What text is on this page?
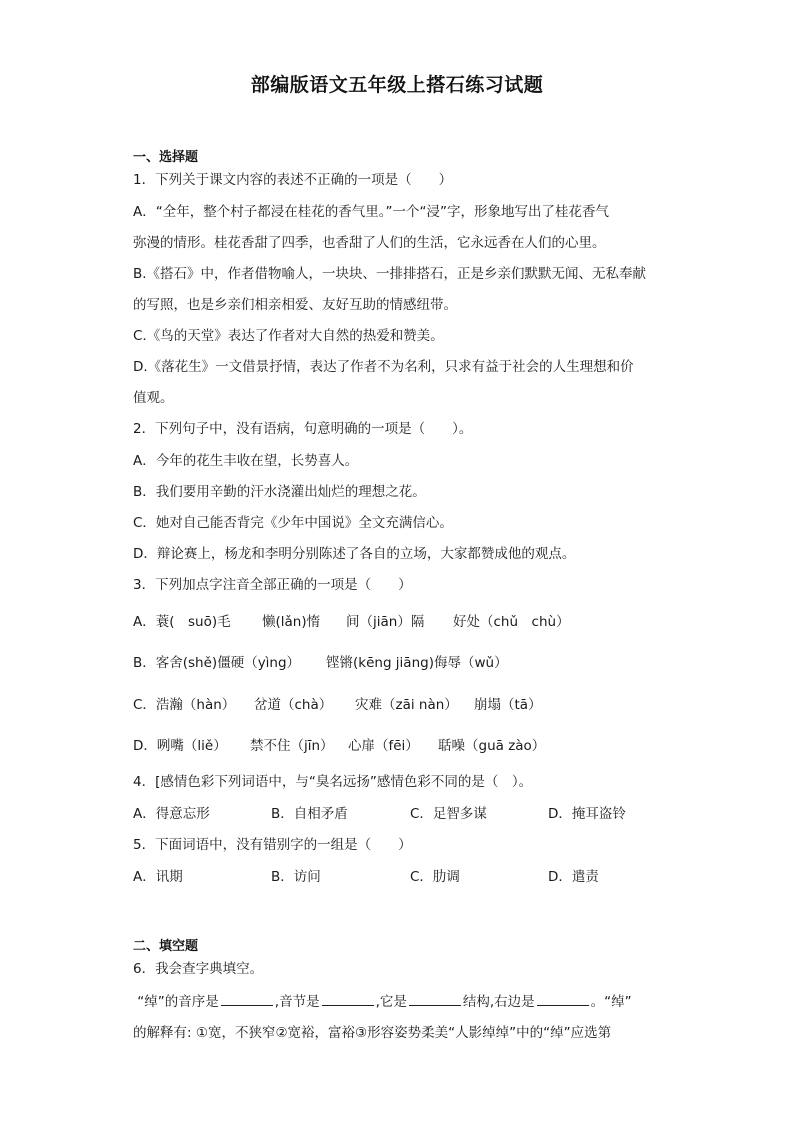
部编版语文五年级上搭石练习试题
一、选择题
1．下列关于课文内容的表述不正确的一项是（　　）
A．“全年，整个村子都浸在桂花的香气里。”一个“浸”字，形象地写出了桂花香气
弥漫的情形。桂花香甜了四季，也香甜了人们的生活，它永远香在人们的心里。
B.《搭石》中，作者借物喻人，一块块、一排排搭石，正是乡亲们默默无闻、无私奉献
的写照，也是乡亲们相亲相爱、友好互助的情感纽带。
C.《鸟的天堂》表达了作者对大自然的热爱和赞美。
D.《落花生》一文借景抒情，表达了作者不为名利，只求有益于社会的人生理想和价
值观。
2．下列句子中，没有语病，句意明确的一项是（　　）。
A．今年的花生丰收在望，长势喜人。
B．我们要用辛勤的汗水浇灌出灿烂的理想之花。
C．她对自己能否背完《少年中国说》全文充满信心。
D．辩论赛上，杨龙和李明分别陈述了各自的立场，大家都赞成他的观点。
3．下列加点字注音全部正确的一项是（　　）
A．蓑(　suō)毛 懒(lǎn)惰 间（jiān）隔 好处（chǔ　chù）
B．客舍(shě)僵硬（yìng） 铿锵(kēng jiāng)侮辱（wǔ）
C．浩瀚（hàn） 岔道（chà） 灾难（zāi nàn） 崩塌（tā）
D．咧嘴（liě） 禁不住（jīn） 心扉（fēi） 聒噪（guā zào）
4．[感情色彩下列词语中，与“臭名远扬”感情色彩不同的是（　）。
A．得意忘形	B．自相矛盾	C．足智多谋	D．掩耳盗铃
5．下面词语中，没有错别字的一组是（　　）
A．讯期	B．访问	C．肋调	D．遣责
二、填空题
6．我会查字典填空。
“绰”的音序是	,音节是	,它是	结构,右边是	。“绰”
的解释有: ①宽，不狭窄②宽裕，富裕③形容姿势柔美“人影绰绰”中的“绰”应选第
